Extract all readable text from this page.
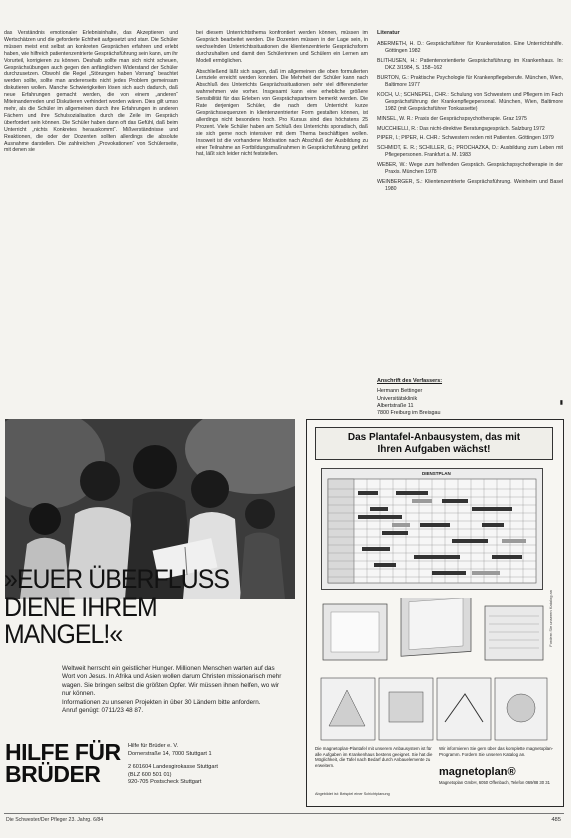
das Verständnis emotionaler Erlebnisinhalte, das Akzeptieren und Wertschätzen und die geforderte Echtheit aufgesetzt und starr. Die Schüler müssen meist erst selbst an konkreten Gesprächen erfahren und erlebt haben, wie hilfreich patientenzentrierte Gesprächsführung sein kann, um ihr Vorurteil, korrigieren zu können. Deshalb sollte man sich nicht scheuen, Gesprächsübungen auch gegen den anfänglichen Widerstand der Schüler durchzusetzen. Obwohl die Regel „Störungen haben Vorrang“ beachtet werden sollte, sollte man andererseits nicht jedes Problem gemeinsam diskutieren wollen. Manche Schwierigkeiten lösen sich auch dadurch, daß neue Erfahrungen gemacht werden, die von einem „anderen“ Miteinanderreden und Diskutieren verhindert worden wären. Dies gilt umso mehr, als die Schüler im allgemeinen durch ihre Erfahrungen in anderen Fächern und ihre Schulsozialisation durch die Zeile im Gespräch überfordert sein können. Die Schüler haben dann oft das Gefühl, daß beim Unterricht „nichts Konkretes herauskommt“. Mißverständnisse und Reaktionen, die oder der Dozenten sollten allerdings die absolute Ausnahme darstellen. Die zahlreichen „Provokationen“ von Schülerseite, mit denen sie

bei diesem Unterrichtsthema konfrontiert werden können, müssen im Gespräch bearbeitet werden. Die Dozenten müssen in der Lage sein, in wechselnden Unterrichtssituationen die klientenzentrierte Gesprächsform durchzuhalten und damit den Schülerinnen und Schülern ein Lernen am Modell ermöglichen.

Abschließend läßt sich sagen, daß im allgemeinen die oben formulierten Lernziele erreicht werden konnten. Die Mehrheit der Schüler kann nach Abschluß des Unterrichts Gesprächssituationen sehr viel differenzierter wahrnehmen wie vorher. Insgesamt kann eine erhebliche größere Sensibilität für das Erleben von Gesprächspartnern bemerkt werden. Die Rate derjenigen Schüler, die nach dem Unterricht kurze Gesprächssequenzen in klientenzentrierter Form gestalten können, ist allerdings nicht besonders hoch. Pro Kursus sind dies höchstens 25 Prozent. Viele Schüler haben am Schluß des Unterrichts sporadisch, daß sie sich gerne noch intensiver mit dem Thema beschäftigen wollen. Insoweit ist die vorhandene Motivation nach Abschluß der Ausbildung zu einer Teilnahme an Fortbildungsmaßnahmen in Gesprächsführung geführt hat, läßt sich leider nicht feststellen.

Literatur
ABERMETH, H. D.: Gesprächsführer für Krankenstation. Eine Unterrichtshilfe. Göttingen 1982
BLITHUSEN, H.: Patientenorientierte Gesprächsführung im Krankenhaus. In: DKZ 3/1984, S. 158–162
BURTON, G.: Praktische Psychologie für Krankenpflegeberufe. München, Wien, Baltimore 1977
KOCH, U.; SCHNEPEL, CHR.: Schulung von Schwestern und Pflegern im Fach Gesprächsführung der Krankenpflegepersonal. München, Wien, Baltimore 1982 (mit Gesprächsführer Tonkassette)
MINSEL, W. R.: Praxis der Gesprächspsychotherapie. Graz 1975
MUCCHIELLI, R.: Das nicht-direktive Beratungsgespräch. Salzburg 1972
PIPER, I.; PIPER, H. CHR.: Schwestern reden mit Patienten. Göttingen 1979
SCHMIDT, E. R.; SCHILLER, G.; PROCHAZKA, D.: Ausbildung zum Leben mit Pflegepersonen. Frankfurt a. M. 1983
WEBER, W.: Wege zum helfenden Gespräch. Gesprächspsychotherapie in der Praxis. München 1978
WEINBERGER, S.: Klientenzentrierte Gesprächsführung. Weinheim und Basel 1980
Anschrift des Verfassers:
Hermann Bettinger
Universitätsklinik
Albertstraße 11
7800 Freiburg im Breisgau
▮
»EUER ÜBERFLUSS
DIENE IHREM MANGEL!«
Weltweit herrscht ein geistlicher Hunger. Millionen Menschen warten auf das Wort von Jesus. In Afrika und Asien wollen darum Christen missionarisch mehr wagen. Sie bringen selbst die größten Opfer. Wir müssen ihnen helfen, wo wir nur können.
Informationen zu unseren Projekten in über 30 Ländern bitte anfordern.
Anruf genügt: 0711/23 48 87.
HILFE FÜR
BRÜDER
Hilfe für Brüder e. V.
Dornerstraße 14, 7000 Stuttgart 1
2 601604 Landesgirokasse Stuttgart
(BLZ 600 501 01)
920-705 Postscheck Stuttgart
Das Plantafel-Anbausystem, das mit
Ihren Aufgaben wächst!
DIENSTPLAN
Die magnetoplan-Plantafel mit unserem Anbausystem ist für alle Aufgaben im Krankenhaus bestens geeignet. Sie hat die Möglichkeit, die Tafel nach Bedarf durch Anbauelemente zu erweitern.
Wir informieren Sie gern über das komplette magnetoplan-Programm. Fordern Sie unseren Katalog an.
magnetoplan®
Magnetoplan GmbH, 6050 Offenbach, Telefon 069/88 30 31
Abgebildet ist: Beispiel einer Schichtplanung
Fordern Sie unseren Katalog an
Die Schwester/Der Pfleger 23. Jahrg. 6/84	485
